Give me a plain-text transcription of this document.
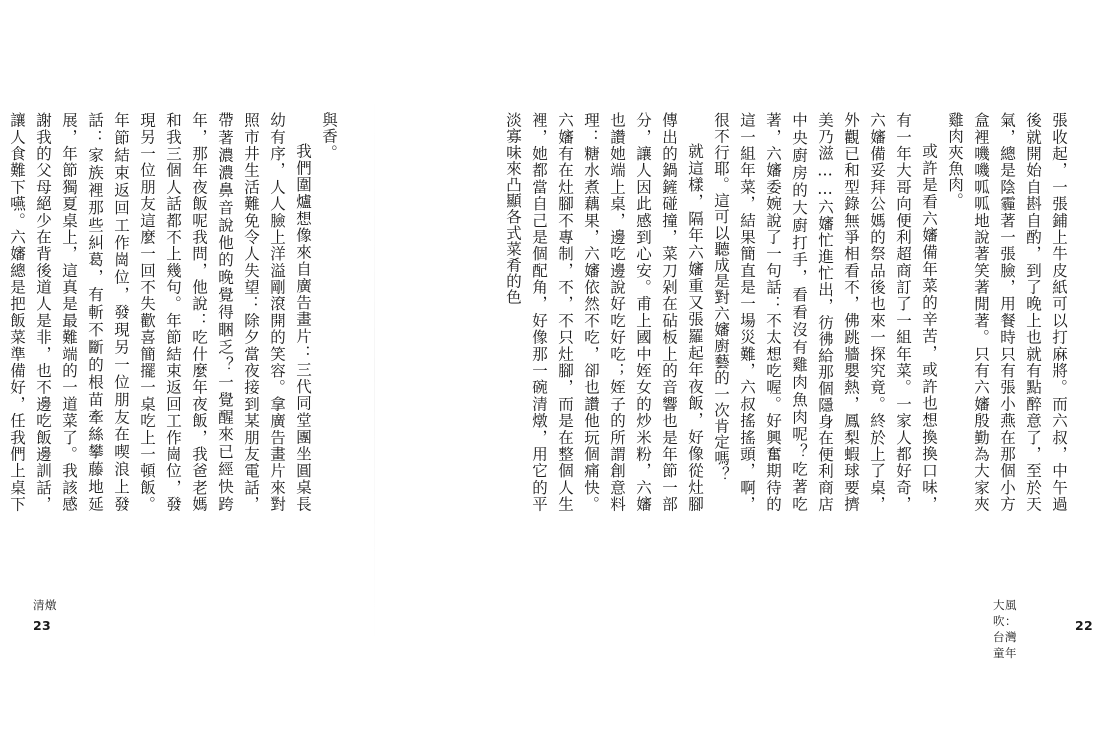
與香。

我們圍爐想像來自廣告畫片：三代同堂團坐圓桌長幼有序，人人臉上洋溢剛滾開的笑容。拿廣告畫片來對照市井生活難免令人失望：除夕當夜接到某朋友電話，帶著濃濃鼻音說他的晚覺得睏乏？一覺醒來已經快跨年，那年夜飯呢我問，他說：吃什麼年夜飯，我爸老媽和我三個人話都不上幾句。年節結束返回工作崗位，發現另一位朋友這麼一回不失歡喜簡擺一桌吃上一頓飯。年節結束返回工作崗位，發現另一位朋友在喫浪上發話：家族裡那些糾葛，有斬不斷的根苗牽絲攀藤地延展，年節獨夏桌上，這真是最難端的一道菜了。我該感謝我的父母絕少在背後道人是非，也不邊吃飯邊訓話，讓人食難下嚥。六嬸總是把飯菜準備好，任我們上桌下

清燉
23

張收起，一張鋪上牛皮紙可以打麻將。而六叔，中午過後就開始自斟自酌，到了晚上也就有點醉意了，至於天氣，總是陰霾著一張臉，用餐時只有張小燕在那個小方盒裡嘰嘰呱呱地說著笑著閒著。只有六嬸殷勤為大家夾雞肉夾魚肉。

或許是看六嬸備年菜的辛苦，或許也想換換口味，有一年大哥向便利超商訂了一組年菜。一家人都好奇，六嬸備妥拜公媽的祭品後也來一探究竟。終於上了桌，外觀已和型錄無爭相看不，佛跳牆嬰熱，鳳梨蝦球要擠美乃滋……六嬸忙進忙出，彷彿給那個隱身在便利商店中央廚房的大廚打手，看看沒有雞肉魚肉呢？吃著吃著，六嬸委婉說了一句話：不太想吃喔。好興奮期待的這一組年菜，結果簡直是一場災難，六叔搖搖頭，啊，很不行耶。這可以聽成是對六嬸廚藝的一次肯定嗎？

就這樣，隔年六嬸重又張羅起年夜飯，好像從灶腳傳出的鍋鏟碰撞，菜刀剁在砧板上的音響也是年節一部分，讓人因此感到心安。甫上國中姪女的炒米粉，六嬸也讚她端上桌，邊吃邊說好吃好吃；姪子的所謂創意料理：糖水煮藕果，六嬸依然不吃，卻也讚他玩個痛快。六嬸有在灶腳不專制，不，不只灶腳，而是在整個人生裡，她都當自己是個配角，好像那一碗清燉，用它的平淡寡味來凸顯各式菜肴的色

大風吹：台灣童年
22
